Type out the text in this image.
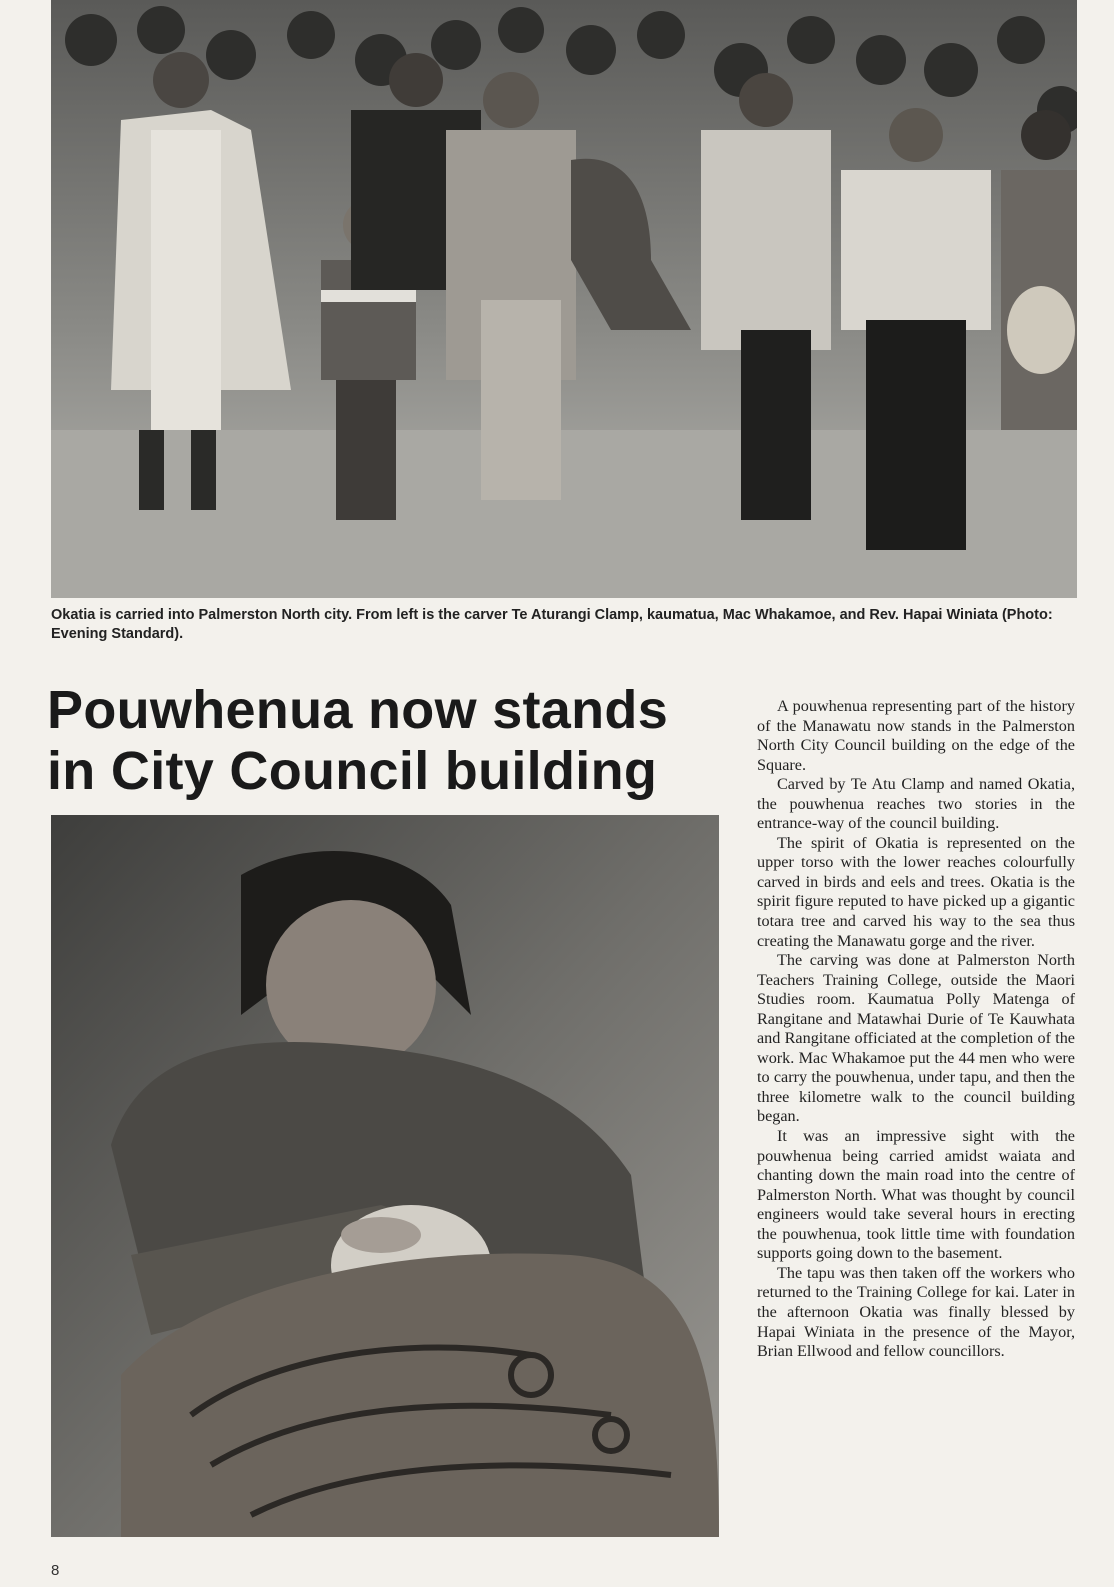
Okatia is carried into Palmerston North city. From left is the carver Te Aturangi Clamp, kaumatua, Mac Whakamoe, and Rev. Hapai Winiata (Photo: Evening Standard).

Pouwhenua now stands
in City Council building

A pouwhenua representing part of the history of the Manawatu now stands in the Palmerston North City Council building on the edge of the Square.

Carved by Te Atu Clamp and named Okatia, the pouwhenua reaches two stories in the entrance-way of the council building.

The spirit of Okatia is represented on the upper torso with the lower reaches colourfully carved in birds and eels and trees. Okatia is the spirit figure reputed to have picked up a gigantic totara tree and carved his way to the sea thus creating the Manawatu gorge and the river.

The carving was done at Palmerston North Teachers Training College, outside the Maori Studies room. Kaumatua Polly Matenga of Rangitane and Matawhai Durie of Te Kauwhata and Rangitane officiated at the completion of the work. Mac Whakamoe put the 44 men who were to carry the pouwhenua, under tapu, and then the three kilometre walk to the council building began.

It was an impressive sight with the pouwhenua being carried amidst waiata and chanting down the main road into the centre of Palmerston North. What was thought by council engineers would take several hours in erecting the pouwhenua, took little time with foundation supports going down to the basement.

The tapu was then taken off the workers who returned to the Training College for kai. Later in the afternoon Okatia was finally blessed by Hapai Winiata in the presence of the Mayor, Brian Ellwood and fellow councillors.

8
